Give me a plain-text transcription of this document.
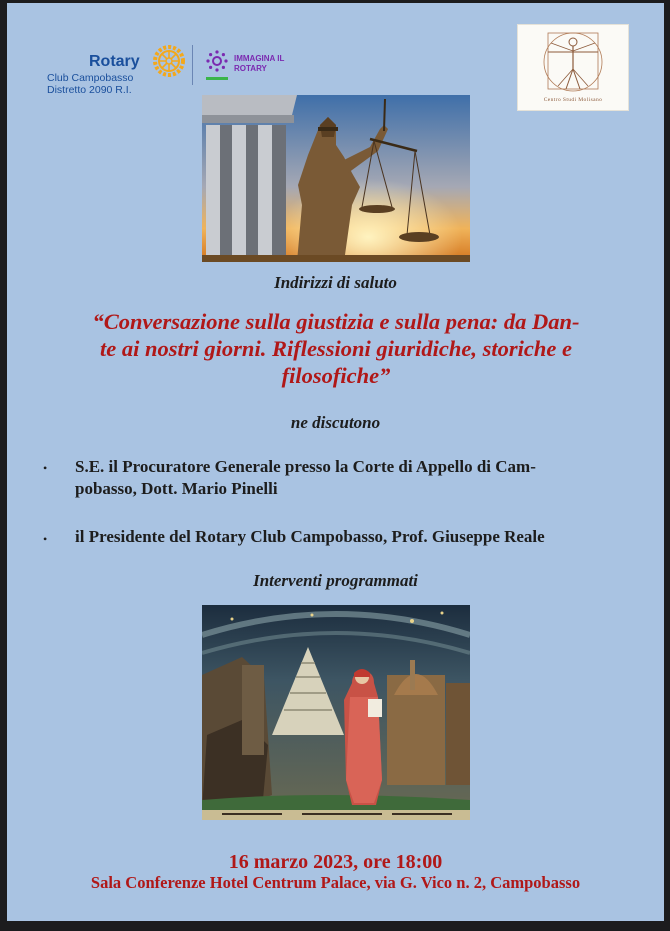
Rotary
Club Campobasso
Distretto 2090 R.I.
IMMAGINA IL
ROTARY
Centro Studi Molisano
Indirizzi di saluto
“Conversazione sulla giustizia e sulla pena: da Dan-
te ai nostri giorni. Riflessioni giuridiche, storiche e
filosofiche”
ne discutono
• S.E. il Procuratore Generale presso la Corte di Appello di Cam-
pobasso, Dott. Mario Pinelli
• il Presidente del Rotary Club Campobasso, Prof. Giuseppe Reale
Interventi programmati
16 marzo 2023, ore 18:00
Sala Conferenze Hotel Centrum Palace, via G. Vico n. 2, Campobasso
